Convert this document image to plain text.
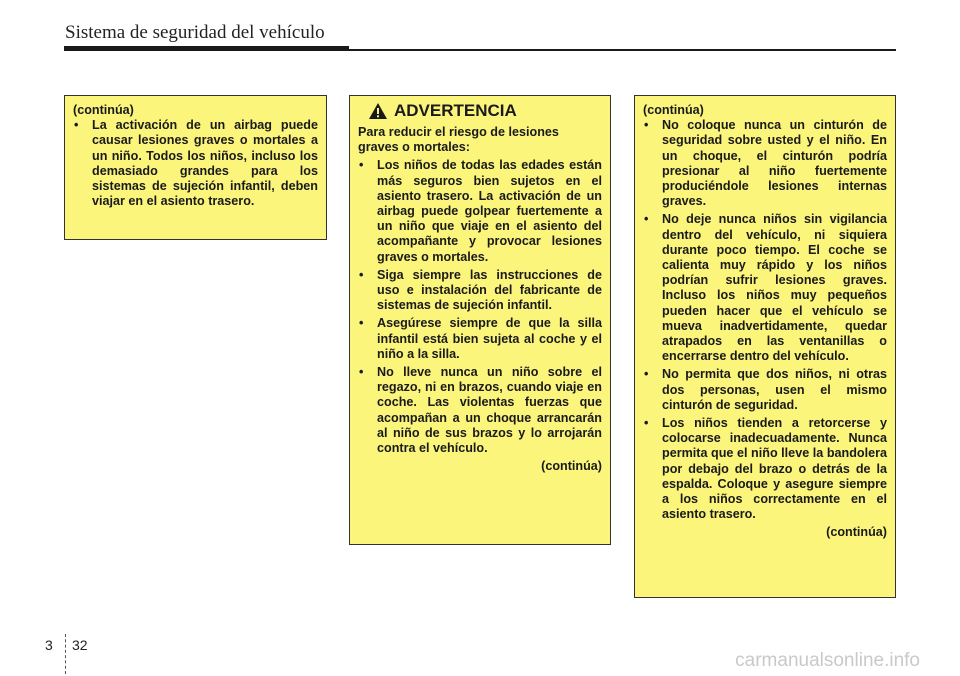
Sistema de seguridad del vehículo

(continúa)

• La activación de un airbag puede causar lesiones graves o mortales a un niño. Todos los niños, incluso los demasiado grandes para los sistemas de sujeción infantil, deben viajar en el asiento trasero.
ADVERTENCIA

Para reducir el riesgo de lesiones graves o mortales:

• Los niños de todas las edades están más seguros bien sujetos en el asiento trasero. La activación de un airbag puede golpear fuertemente a un niño que viaje en el asiento del acompañante y provocar lesiones graves o mortales.
• Siga siempre las instrucciones de uso e instalación del fabricante de sistemas de sujeción infantil.
• Asegúrese siempre de que la silla infantil está bien sujeta al coche y el niño a la silla.
• No lleve nunca un niño sobre el regazo, ni en brazos, cuando viaje en coche. Las violentas fuerzas que acompañan a un choque arrancarán al niño de sus brazos y lo arrojarán contra el vehículo.

(continúa)

(continúa)

• No coloque nunca un cinturón de seguridad sobre usted y el niño. En un choque, el cinturón podría presionar al niño fuertemente produciéndole lesiones internas graves.
• No deje nunca niños sin vigilancia dentro del vehículo, ni siquiera durante poco tiempo. El coche se calienta muy rápido y los niños podrían sufrir lesiones graves. Incluso los niños muy pequeños pueden hacer que el vehículo se mueva inadvertidamente, quedar atrapados en las ventanillas o encerrarse dentro del vehículo.
• No permita que dos niños, ni otras dos personas, usen el mismo cinturón de seguridad.
• Los niños tienden a retorcerse y colocarse inadecuadamente. Nunca permita que el niño lleve la bandolera por debajo del brazo o detrás de la espalda. Coloque y asegure siempre a los niños correctamente en el asiento trasero.

(continúa)

3 32
carmanualsonline.info
